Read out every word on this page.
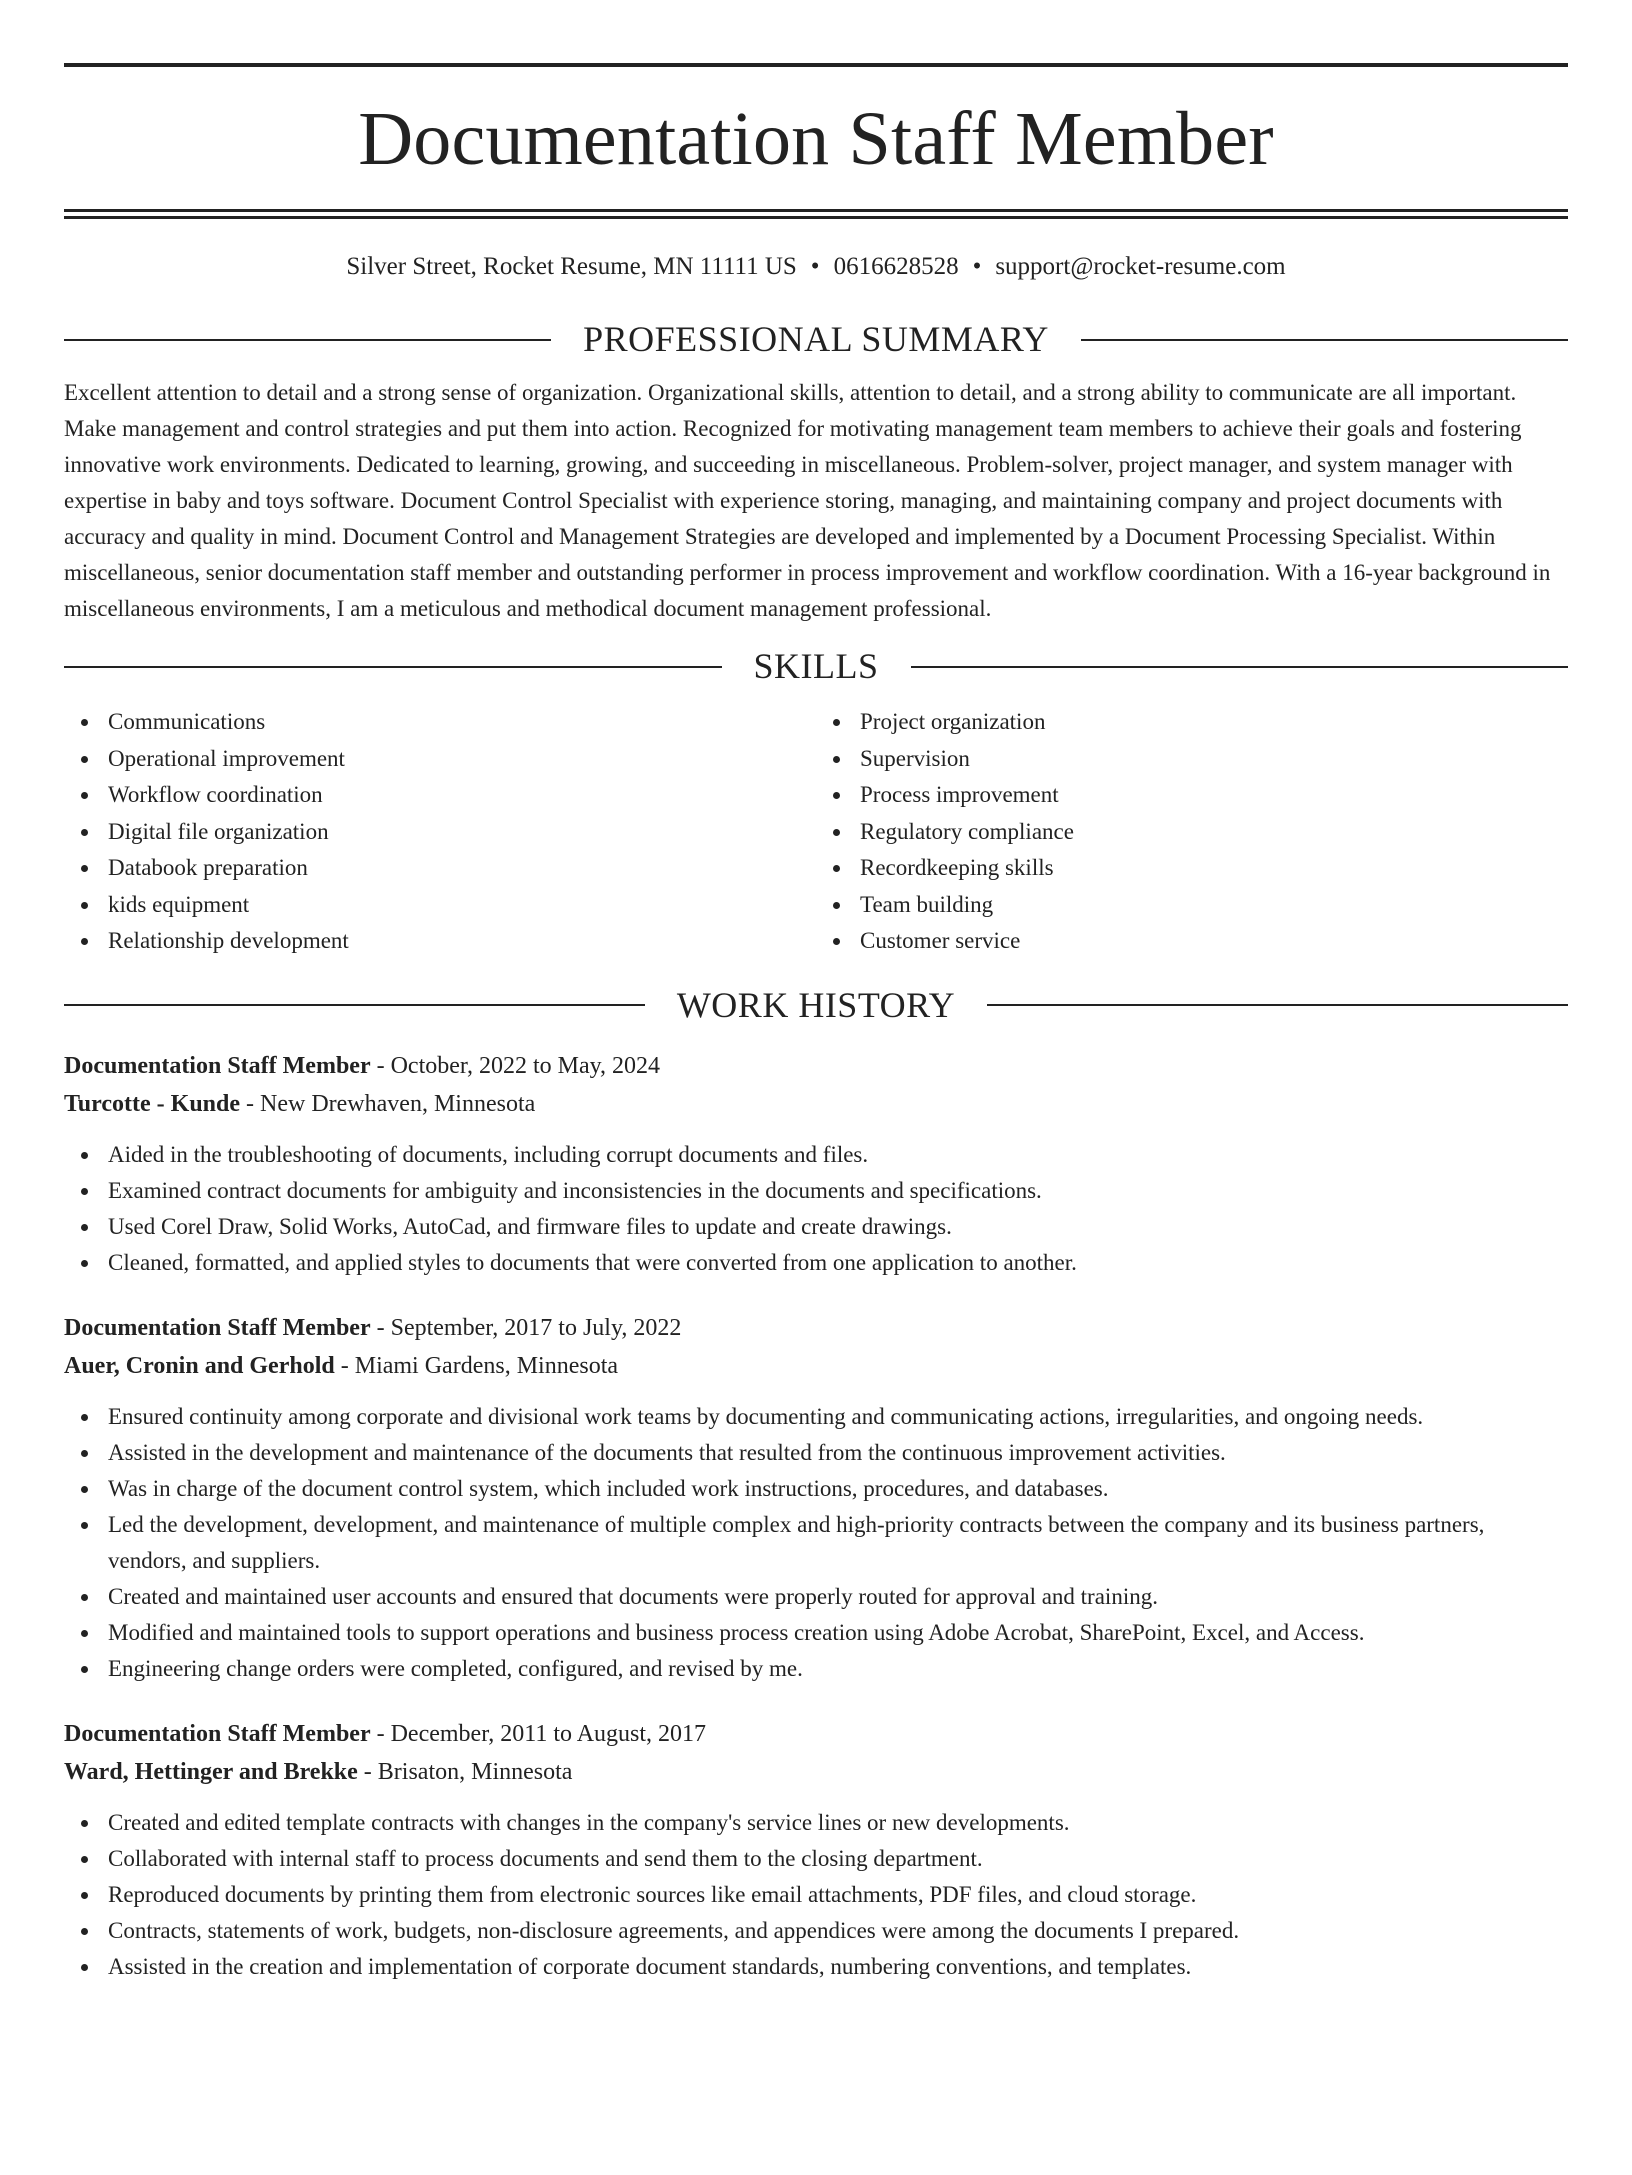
Documentation Staff Member
Silver Street, Rocket Resume, MN 11111 US • 0616628528 • support@rocket-resume.com
PROFESSIONAL SUMMARY

Excellent attention to detail and a strong sense of organization. Organizational skills, attention to detail, and a strong ability to communicate are all important. Make management and control strategies and put them into action. Recognized for motivating management team members to achieve their goals and fostering innovative work environments. Dedicated to learning, growing, and succeeding in miscellaneous. Problem-solver, project manager, and system manager with expertise in baby and toys software. Document Control Specialist with experience storing, managing, and maintaining company and project documents with accuracy and quality in mind. Document Control and Management Strategies are developed and implemented by a Document Processing Specialist. Within miscellaneous, senior documentation staff member and outstanding performer in process improvement and workflow coordination. With a 16-year background in miscellaneous environments, I am a meticulous and methodical document management professional.

SKILLS
Communications
Operational improvement
Workflow coordination
Digital file organization
Databook preparation
kids equipment
Relationship development
Project organization
Supervision
Process improvement
Regulatory compliance
Recordkeeping skills
Team building
Customer service
WORK HISTORY
Documentation Staff Member - October, 2022 to May, 2024
Turcotte - Kunde - New Drewhaven, Minnesota
Aided in the troubleshooting of documents, including corrupt documents and files.
Examined contract documents for ambiguity and inconsistencies in the documents and specifications.
Used Corel Draw, Solid Works, AutoCad, and firmware files to update and create drawings.
Cleaned, formatted, and applied styles to documents that were converted from one application to another.
Documentation Staff Member - September, 2017 to July, 2022
Auer, Cronin and Gerhold - Miami Gardens, Minnesota
Ensured continuity among corporate and divisional work teams by documenting and communicating actions, irregularities, and ongoing needs.
Assisted in the development and maintenance of the documents that resulted from the continuous improvement activities.
Was in charge of the document control system, which included work instructions, procedures, and databases.
Led the development, development, and maintenance of multiple complex and high-priority contracts between the company and its business partners, vendors, and suppliers.
Created and maintained user accounts and ensured that documents were properly routed for approval and training.
Modified and maintained tools to support operations and business process creation using Adobe Acrobat, SharePoint, Excel, and Access.
Engineering change orders were completed, configured, and revised by me.
Documentation Staff Member - December, 2011 to August, 2017
Ward, Hettinger and Brekke - Brisaton, Minnesota
Created and edited template contracts with changes in the company's service lines or new developments.
Collaborated with internal staff to process documents and send them to the closing department.
Reproduced documents by printing them from electronic sources like email attachments, PDF files, and cloud storage.
Contracts, statements of work, budgets, non-disclosure agreements, and appendices were among the documents I prepared.
Assisted in the creation and implementation of corporate document standards, numbering conventions, and templates.
